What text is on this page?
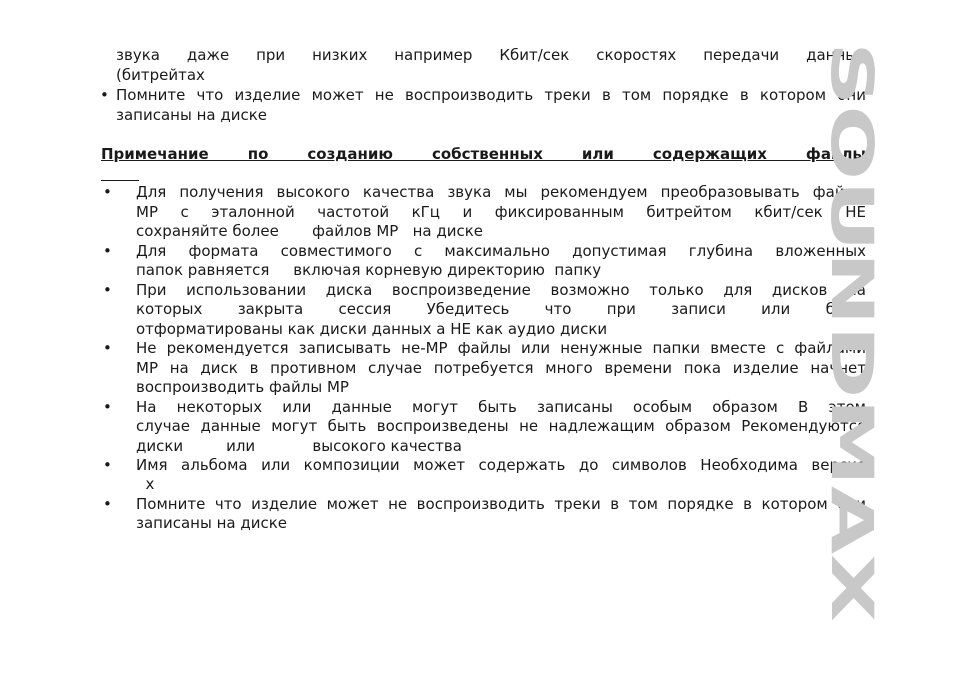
звука даже при низких например Кбит/сек скоростях передачи данных
(битрейтах
• Помните что изделие может не воспроизводить треки в том порядке в котором они
записаны на диске
Примечание по созданию собственных или содержащих файлы
• Для получения высокого качества звука мы рекомендуем преобразовывать файлы
MP с эталонной частотой кГц и фиксированным битрейтом кбит/сек НЕ
сохраняйте более       файлов MP   на диске
• Для формата совместимого с максимально допустимая глубина вложенных
папок равняется     включая корневую директорию  папку
• При использовании диска воспроизведение возможно только для дисков на
которых закрыта сессия Убедитесь что при записи или были
отформатированы как диски данных а НЕ как аудио диски
• Не рекомендуется записывать не-MP файлы или ненужные папки вместе с файлами
MP на диск в противном случае потребуется много времени пока изделие начнет
воспроизводить файлы MP
• На некоторых или данные могут быть записаны особым образом В этом
случае данные могут быть воспроизведены не надлежащим образом Рекомендуются
диски         или            высокого качества
• Имя альбома или композиции может содержать до символов Необходима версия
x
• Помните что изделие может не воспроизводить треки в том порядке в котором они
записаны на диске
SOUNDMAX
